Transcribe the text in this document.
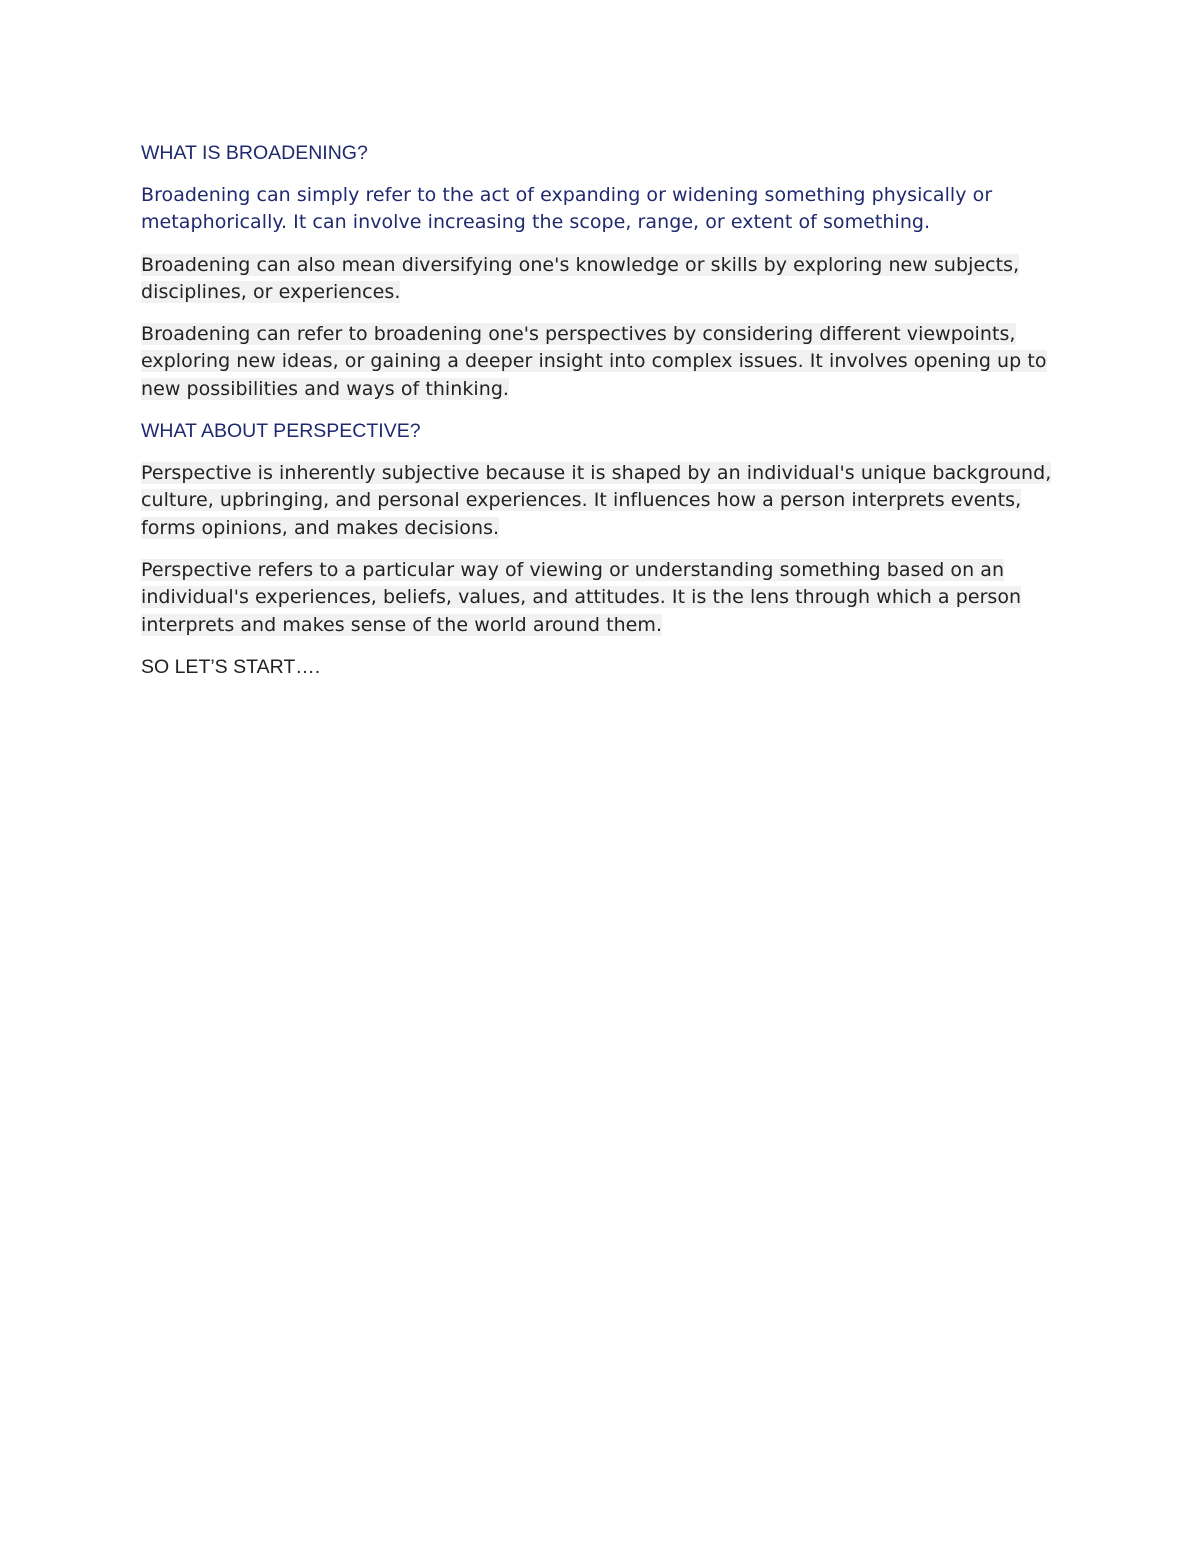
WHAT IS BROADENING?

Broadening can simply refer to the act of expanding or widening something physically or metaphorically. It can involve increasing the scope, range, or extent of something.

Broadening can also mean diversifying one's knowledge or skills by exploring new subjects, disciplines, or experiences.

Broadening can refer to broadening one's perspectives by considering different viewpoints, exploring new ideas, or gaining a deeper insight into complex issues. It involves opening up to new possibilities and ways of thinking.

WHAT ABOUT PERSPECTIVE?

Perspective is inherently subjective because it is shaped by an individual's unique background, culture, upbringing, and personal experiences. It influences how a person interprets events, forms opinions, and makes decisions.

Perspective refers to a particular way of viewing or understanding something based on an individual's experiences, beliefs, values, and attitudes. It is the lens through which a person interprets and makes sense of the world around them.

SO LET’S START….
